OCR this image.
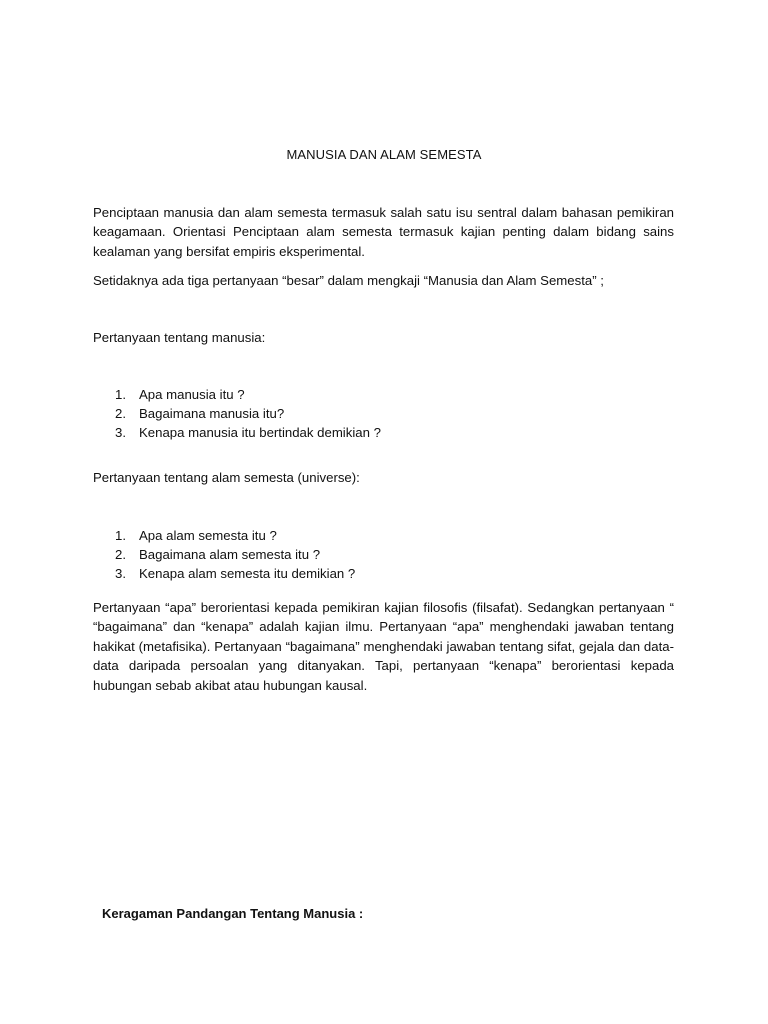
MANUSIA DAN ALAM SEMESTA

Penciptaan manusia dan alam semesta termasuk salah satu isu sentral dalam bahasan pemikiran keagamaan. Orientasi Penciptaan alam semesta termasuk kajian penting dalam bidang sains kealaman yang bersifat empiris eksperimental.

Setidaknya ada tiga pertanyaan “besar” dalam mengkaji “Manusia dan Alam Semesta” ;

Pertanyaan tentang manusia:

1. Apa manusia itu ?
2. Bagaimana manusia itu?
3. Kenapa manusia itu bertindak demikian ?

Pertanyaan tentang alam semesta (universe):

1. Apa alam semesta itu ?
2. Bagaimana alam semesta itu ?
3. Kenapa alam semesta itu demikian ?

Pertanyaan “apa” berorientasi kepada pemikiran kajian filosofis (filsafat). Sedangkan pertanyaan “ “bagaimana” dan “kenapa” adalah kajian ilmu. Pertanyaan “apa” menghendaki jawaban tentang hakikat (metafisika). Pertanyaan “bagaimana” menghendaki jawaban tentang sifat, gejala dan data-data daripada persoalan yang ditanyakan. Tapi, pertanyaan “kenapa” berorientasi kepada hubungan sebab akibat atau hubungan kausal.

Keragaman Pandangan Tentang Manusia :
